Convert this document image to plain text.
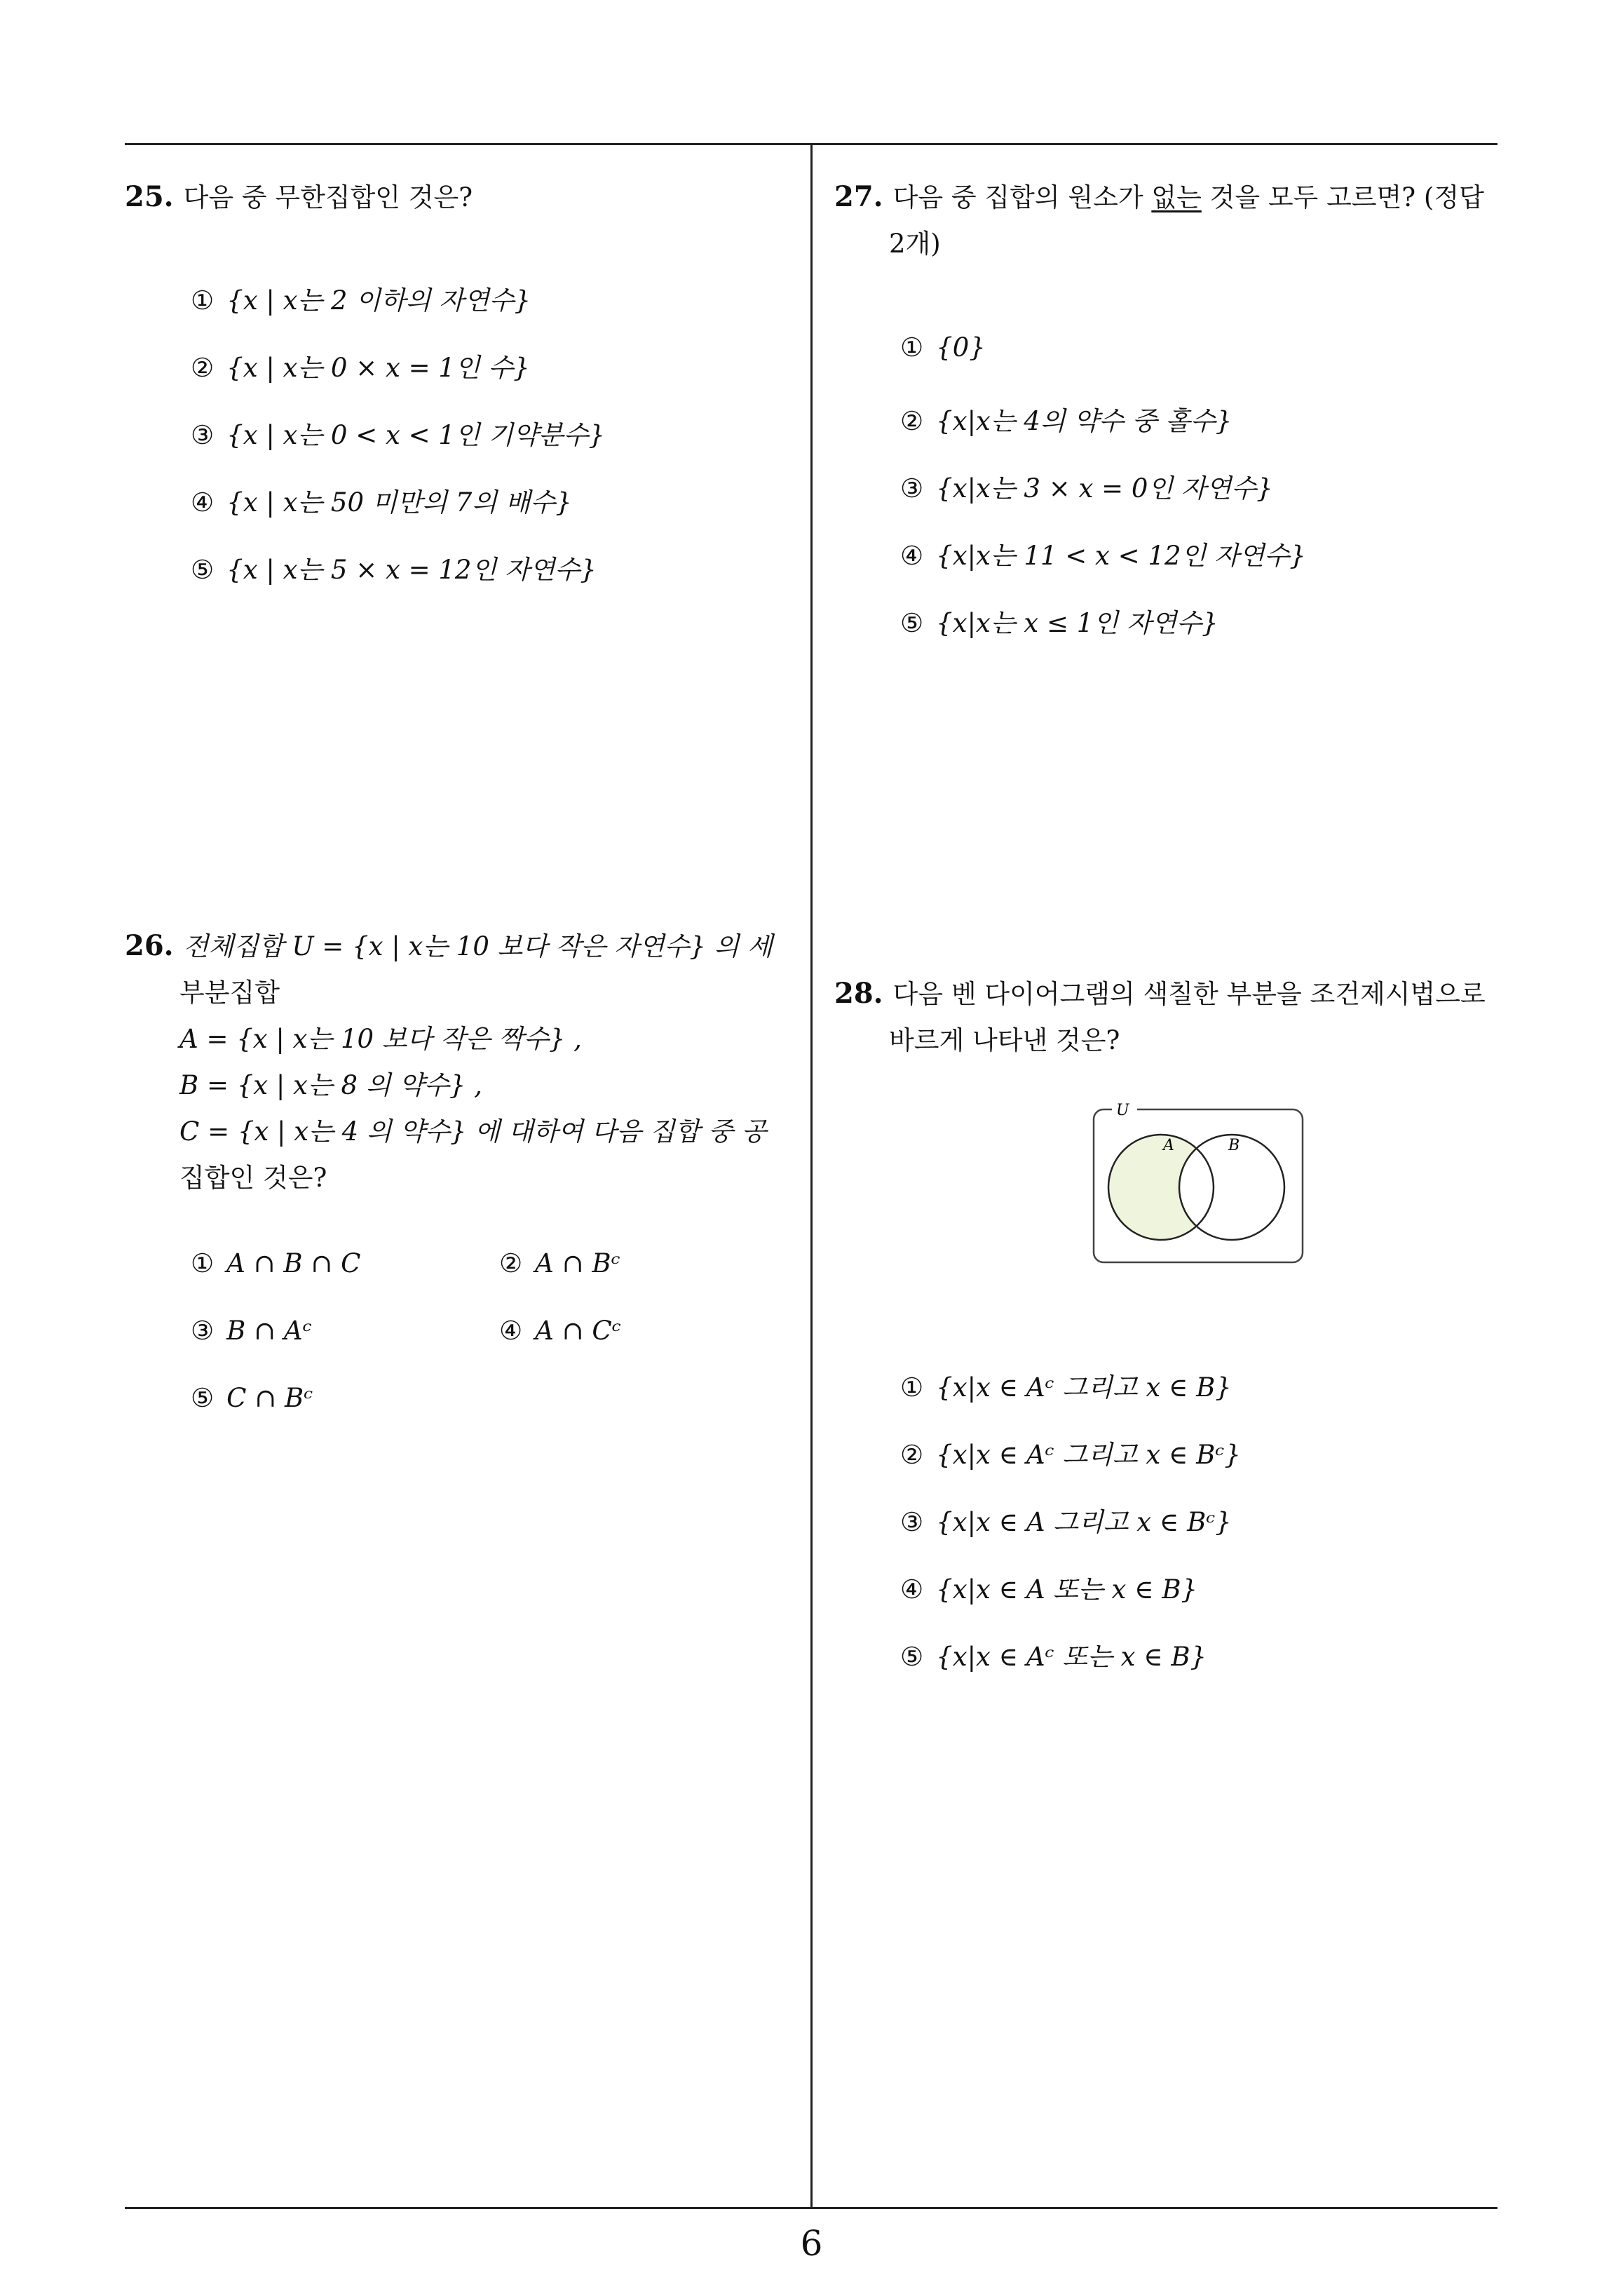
25. 다음 중 무한집합인 것은?
① {x | x는 2 이하의 자연수}
② {x | x는 0 × x = 1인 수}
③ {x | x는 0 < x < 1인 기약분수}
④ {x | x는 50 미만의 7의 배수}
⑤ {x | x는 5 × x = 12인 자연수}
26. 전체집합 U = {x | x는 10 보다 작은 자연수} 의 세
부분집합
A = {x | x는 10 보다 작은 짝수} ,
B = {x | x는 8 의 약수} ,
C = {x | x는 4 의 약수} 에 대하여 다음 집합 중 공
집합인 것은?
① A ∩ B ∩ C	② A ∩ Bᶜ
③ B ∩ Aᶜ	④ A ∩ Cᶜ
⑤ C ∩ Bᶜ
27. 다음 중 집합의 원소가 없는 것을 모두 고르면? (정답
2개)
① {0}
② {x|x는 4의 약수 중 홀수}
③ {x|x는 3 × x = 0인 자연수}
④ {x|x는 11 < x < 12인 자연수}
⑤ {x|x는 x ≤ 1인 자연수}
28. 다음 벤 다이어그램의 색칠한 부분을 조건제시법으로
바르게 나타낸 것은?
U
A	B
① {x|x ∈ Aᶜ 그리고 x ∈ B}
② {x|x ∈ Aᶜ 그리고 x ∈ Bᶜ}
③ {x|x ∈ A 그리고 x ∈ Bᶜ}
④ {x|x ∈ A 또는 x ∈ B}
⑤ {x|x ∈ Aᶜ 또는 x ∈ B}
6
